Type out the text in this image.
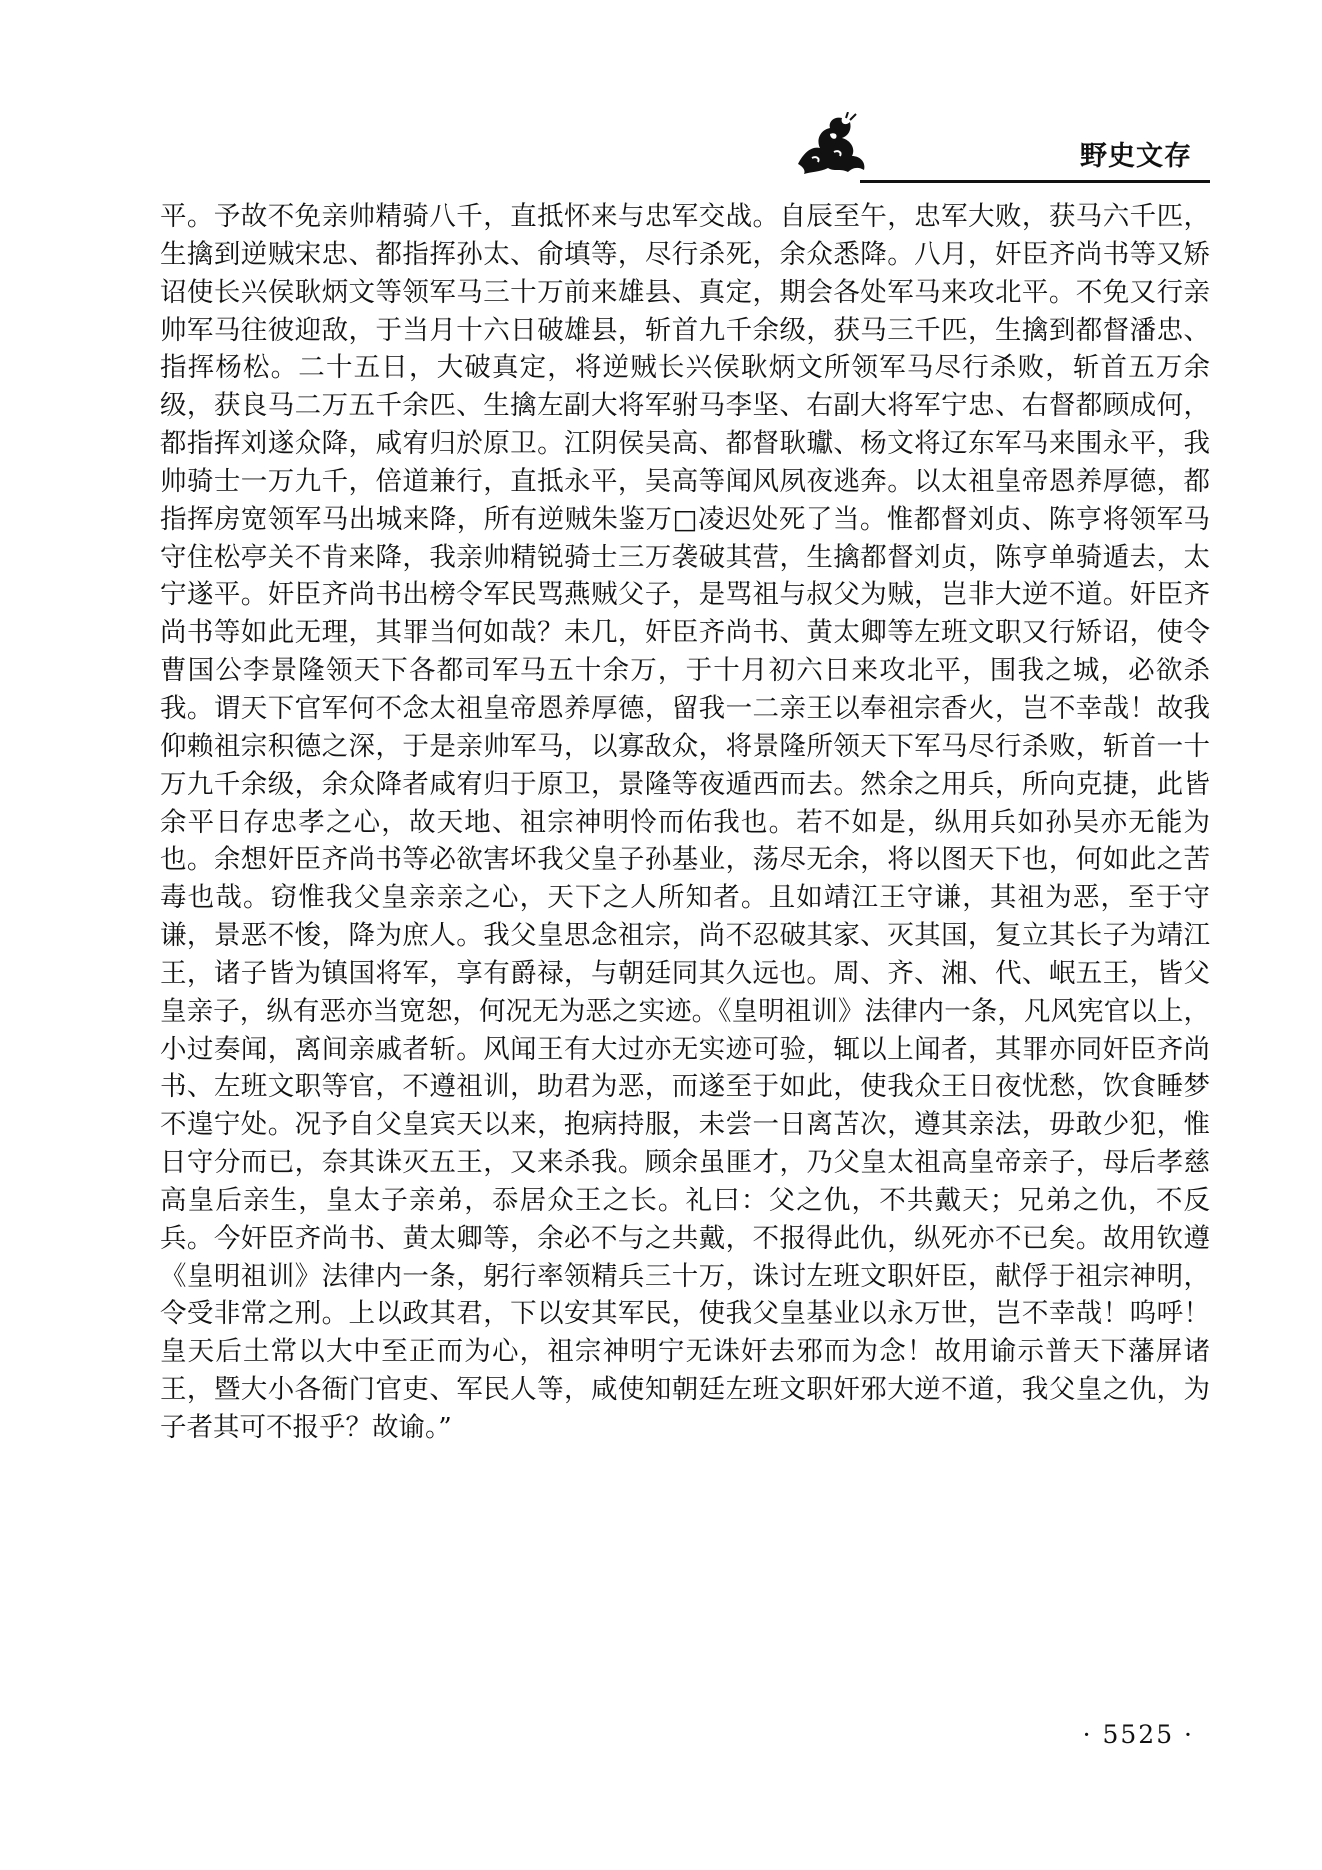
野史文存

平。予故不免亲帅精骑八千，直抵怀来与忠军交战。自辰至午，忠军大败，获马六千匹，生擒到逆贼宋忠、都指挥孙太、俞填等，尽行杀死，余众悉降。八月，奸臣齐尚书等又矫诏使长兴侯耿炳文等领军马三十万前来雄县、真定，期会各处军马来攻北平。不免又行亲帅军马往彼迎敌，于当月十六日破雄县，斩首九千余级，获马三千匹，生擒到都督潘忠、指挥杨松。二十五日，大破真定，将逆贼长兴侯耿炳文所领军马尽行杀败，斩首五万余级，获良马二万五千余匹、生擒左副大将军驸马李坚、右副大将军宁忠、右督都顾成何，都指挥刘遂众降，咸宥归於原卫。江阴侯吴高、都督耿瓛、杨文将辽东军马来围永平，我帅骑士一万九千，倍道兼行，直抵永平，吴高等闻风夙夜逃奔。以太祖皇帝恩养厚德，都指挥房宽领军马出城来降，所有逆贼朱鉴万□凌迟处死了当。惟都督刘贞、陈亨将领军马守住松亭关不肯来降，我亲帅精锐骑士三万袭破其营，生擒都督刘贞，陈亨单骑遁去，太宁遂平。奸臣齐尚书出榜令军民骂燕贼父子，是骂祖与叔父为贼，岂非大逆不道。奸臣齐尚书等如此无理，其罪当何如哉？未几，奸臣齐尚书、黄太卿等左班文职又行矫诏，使令曹国公李景隆领天下各都司军马五十余万，于十月初六日来攻北平，围我之城，必欲杀我。谓天下官军何不念太祖皇帝恩养厚德，留我一二亲王以奉祖宗香火，岂不幸哉！故我仰赖祖宗积德之深，于是亲帅军马，以寡敌众，将景隆所领天下军马尽行杀败，斩首一十万九千余级，余众降者咸宥归于原卫，景隆等夜遁西而去。然余之用兵，所向克捷，此皆余平日存忠孝之心，故天地、祖宗神明怜而佑我也。若不如是，纵用兵如孙吴亦无能为也。余想奸臣齐尚书等必欲害坏我父皇子孙基业，荡尽无余，将以图天下也，何如此之苦毒也哉。窃惟我父皇亲亲之心，天下之人所知者。且如靖江王守谦，其祖为恶，至于守谦，景恶不悛，降为庶人。我父皇思念祖宗，尚不忍破其家、灭其国，复立其长子为靖江王，诸子皆为镇国将军，享有爵禄，与朝廷同其久远也。周、齐、湘、代、岷五王，皆父皇亲子，纵有恶亦当宽恕，何况无为恶之实迹。《皇明祖训》法律内一条，凡风宪官以上，小过奏闻，离间亲戚者斩。风闻王有大过亦无实迹可验，辄以上闻者，其罪亦同奸臣齐尚书、左班文职等官，不遵祖训，助君为恶，而遂至于如此，使我众王日夜忧愁，饮食睡梦不遑宁处。况予自父皇宾天以来，抱病持服，未尝一日离苫次，遵其亲法，毋敢少犯，惟日守分而已，奈其诛灭五王，又来杀我。顾余虽匪才，乃父皇太祖高皇帝亲子，母后孝慈高皇后亲生，皇太子亲弟，忝居众王之长。礼曰：父之仇，不共戴天；兄弟之仇，不反兵。今奸臣齐尚书、黄太卿等，余必不与之共戴，不报得此仇，纵死亦不已矣。故用钦遵《皇明祖训》法律内一条，躬行率领精兵三十万，诛讨左班文职奸臣，献俘于祖宗神明，令受非常之刑。上以政其君，下以安其军民，使我父皇基业以永万世，岂不幸哉！呜呼！皇天后土常以大中至正而为心，祖宗神明宁无诛奸去邪而为念！故用谕示普天下藩屏诸王，暨大小各衙门官吏、军民人等，咸使知朝廷左班文职奸邪大逆不道，我父皇之仇，为子者其可不报乎？故谕。”

· 5525 ·
